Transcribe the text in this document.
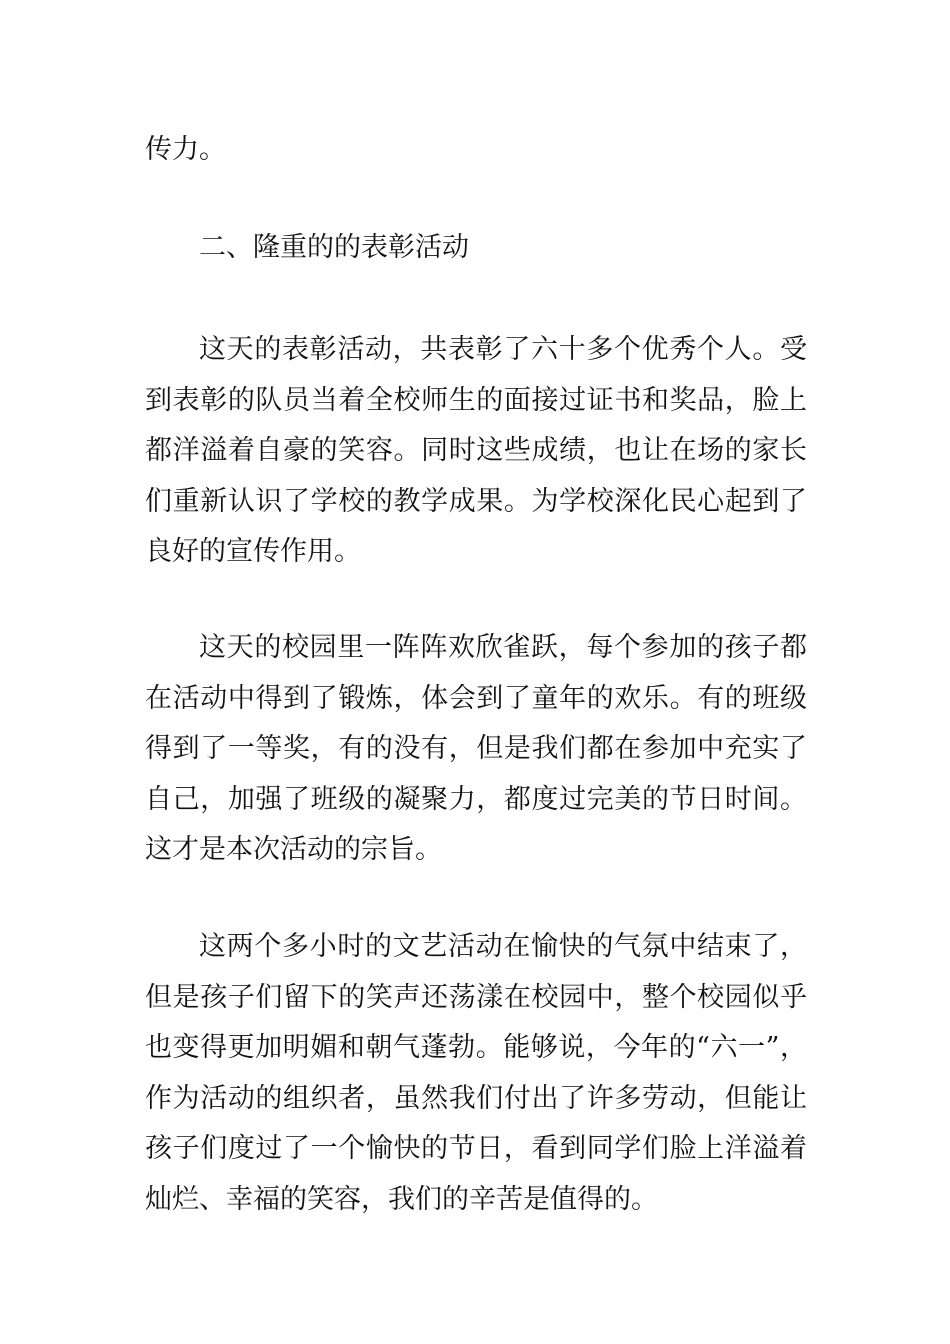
传力。

二、隆重的的表彰活动

这天的表彰活动，共表彰了六十多个优秀个人。受到表彰的队员当着全校师生的面接过证书和奖品，脸上都洋溢着自豪的笑容。同时这些成绩，也让在场的家长们重新认识了学校的教学成果。为学校深化民心起到了良好的宣传作用。

这天的校园里一阵阵欢欣雀跃，每个参加的孩子都在活动中得到了锻炼，体会到了童年的欢乐。有的班级得到了一等奖，有的没有，但是我们都在参加中充实了自己，加强了班级的凝聚力，都度过完美的节日时间。这才是本次活动的宗旨。

这两个多小时的文艺活动在愉快的气氛中结束了，但是孩子们留下的笑声还荡漾在校园中，整个校园似乎也变得更加明媚和朝气蓬勃。能够说，今年的“六一”，作为活动的组织者，虽然我们付出了许多劳动，但能让孩子们度过了一个愉快的节日，看到同学们脸上洋溢着灿烂、幸福的笑容，我们的辛苦是值得的。
